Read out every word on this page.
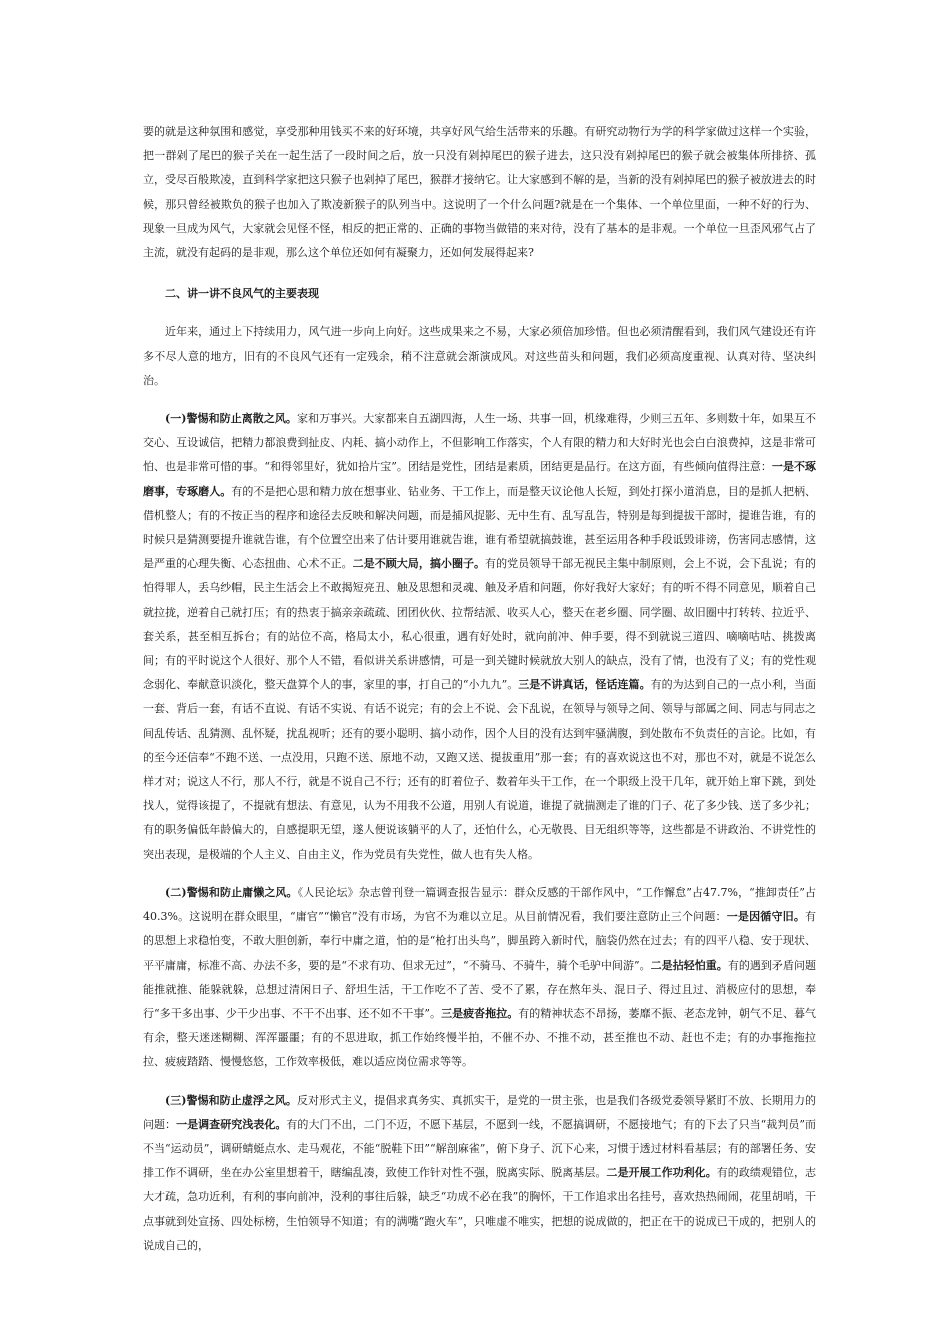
要的就是这种氛围和感觉，享受那种用钱买不来的好环境，共享好风气给生活带来的乐趣。有研究动物行为学的科学家做过这样一个实验，把一群剁了尾巴的猴子关在一起生活了一段时间之后，放一只没有剁掉尾巴的猴子进去，这只没有剁掉尾巴的猴子就会被集体所排挤、孤立，受尽百般欺凌，直到科学家把这只猴子也剁掉了尾巴，猴群才接纳它。让大家感到不解的是，当新的没有剁掉尾巴的猴子被放进去的时候，那只曾经被欺负的猴子也加入了欺凌新猴子的队列当中。这说明了一个什么问题?就是在一个集体、一个单位里面，一种不好的行为、现象一旦成为风气，大家就会见怪不怪，相反的把正常的、正确的事物当做错的来对待，没有了基本的是非观。一个单位一旦歪风邪气占了主流，就没有起码的是非观，那么这个单位还如何有凝聚力，还如何发展得起来?

二、讲一讲不良风气的主要表现

近年来，通过上下持续用力，风气进一步向上向好。这些成果来之不易，大家必须倍加珍惜。但也必须清醒看到，我们风气建设还有许多不尽人意的地方，旧有的不良风气还有一定残余，稍不注意就会渐演成风。对这些苗头和问题，我们必须高度重视、认真对待、坚决纠治。

(一)警惕和防止离散之风。家和万事兴。大家都来自五湖四海，人生一场、共事一回，机缘难得，少则三五年、多则数十年，如果互不交心、互设诚信，把精力都浪费到扯皮、内耗、搞小动作上，不但影响工作落实，个人有限的精力和大好时光也会白白浪费掉，这是非常可怕、也是非常可惜的事。“和得邻里好，犹如拾片宝”。团结是党性，团结是素质，团结更是品行。在这方面，有些倾向值得注意：一是不琢磨事，专琢磨人。有的不是把心思和精力放在想事业、钻业务、干工作上，而是整天议论他人长短，到处打探小道消息，目的是抓人把柄、借机整人；有的不按正当的程序和途径去反映和解决问题，而是捕风捉影、无中生有、乱写乱告，特别是每到提拔干部时，提谁告谁，有的时候只是猜测要提升谁就告谁，有个位置空出来了估计要用谁就告谁，谁有希望就搞鼓谁，甚至运用各种手段诋毁诽谤，伤害同志感情，这是严重的心理失衡、心态扭曲、心术不正。二是不顾大局，搞小圈子。有的党员领导干部无视民主集中制原则，会上不说，会下乱说；有的怕得罪人，丢乌纱帽，民主生活会上不敢揭短亮丑、触及思想和灵魂、触及矛盾和问题，你好我好大家好；有的听不得不同意见，顺着自己就拉拢，逆着自己就打压；有的热衷于搞亲亲疏疏、团团伙伙、拉帮结派、收买人心，整天在老乡圈、同学圈、故旧圈中打转转、拉近乎、套关系，甚至相互拆台；有的站位不高，格局太小，私心很重，遇有好处时，就向前冲、伸手要，得不到就说三道四、嘀嘀咕咕、挑拨离间；有的平时说这个人很好、那个人不错，看似讲关系讲感情，可是一到关键时候就放大别人的缺点，没有了情，也没有了义；有的党性观念弱化、奉献意识淡化，整天盘算个人的事，家里的事，打自己的“小九九”。三是不讲真话，怪话连篇。有的为达到自己的一点小利，当面一套、背后一套，有话不直说、有话不实说、有话不说完；有的会上不说、会下乱说，在领导与领导之间、领导与部属之间、同志与同志之间乱传话、乱猜测、乱怀疑，扰乱视听；还有的要小聪明、搞小动作，因个人目的没有达到牢骚满腹，到处散布不负责任的言论。比如，有的至今还信奉“不跑不送、一点没用，只跑不送、原地不动，又跑又送、提拔重用”那一套；有的喜欢说这也不对，那也不对，就是不说怎么样才对；说这人不行，那人不行，就是不说自己不行；还有的盯着位子、数着年头干工作，在一个职级上没干几年，就开始上窜下跳，到处找人，觉得该提了，不提就有想法、有意见，认为不用我不公道，用别人有说道，谁提了就揣测走了谁的门子、花了多少钱、送了多少礼；有的职务偏低年龄偏大的，自感提职无望，遂人便说该躺平的人了，还怕什么，心无敬畏、目无组织等等，这些都是不讲政治、不讲党性的突出表现，是极端的个人主义、自由主义，作为党员有失党性，做人也有失人格。

(二)警惕和防止庸懒之风。《人民论坛》杂志曾刊登一篇调查报告显示：群众反感的干部作风中，“工作懈怠”占47.7%，“推卸责任”占40.3%。这说明在群众眼里，“庸官”“懒官”没有市场，为官不为难以立足。从目前情况看，我们要注意防止三个问题：一是因循守旧。有的思想上求稳怕变，不敢大胆创新，奉行中庸之道，怕的是“枪打出头鸟”，脚虽跨入新时代，脑袋仍然在过去；有的四平八稳、安于现状、平平庸庸，标准不高、办法不多，要的是“不求有功、但求无过”，“不骑马、不骑牛，骑个毛驴中间游”。二是拈轻怕重。有的遇到矛盾问题能推就推、能躲就躲，总想过清闲日子、舒坦生活，干工作吃不了苦、受不了累，存在熬年头、混日子、得过且过、消极应付的思想，奉行“多干多出事、少干少出事、不干不出事、还不如不干事”。三是疲沓拖拉。有的精神状态不昂扬，萎靡不振、老态龙钟，朝气不足、暮气有余，整天迷迷糊糊、浑浑噩噩；有的不思进取，抓工作始终慢半拍，不催不办、不推不动，甚至推也不动、赶也不走；有的办事拖拖拉拉、疲疲踏踏、慢慢悠悠，工作效率极低，难以适应岗位需求等等。

(三)警惕和防止虚浮之风。反对形式主义，提倡求真务实、真抓实干，是党的一贯主张，也是我们各级党委领导紧盯不放、长期用力的问题：一是调查研究浅表化。有的大门不出，二门不迈，不愿下基层，不愿到一线，不愿搞调研，不愿接地气；有的下去了只当“裁判员”而不当“运动员”，调研蜻蜓点水、走马观花，不能“脱鞋下田”“解剖麻雀”，俯下身子、沉下心来，习惯于透过材料看基层；有的部署任务、安排工作不调研，坐在办公室里想着干，瞎编乱凑，致使工作针对性不强，脱离实际、脱离基层。二是开展工作功利化。有的政绩观错位，志大才疏，急功近利，有利的事向前冲，没利的事往后躲，缺乏“功成不必在我”的胸怀，干工作追求出名挂号，喜欢热热闹闹，花里胡哨，干点事就到处宣扬、四处标榜，生怕领导不知道；有的满嘴“跑火车”，只唯虚不唯实，把想的说成做的，把正在干的说成已干成的，把别人的说成自己的，
